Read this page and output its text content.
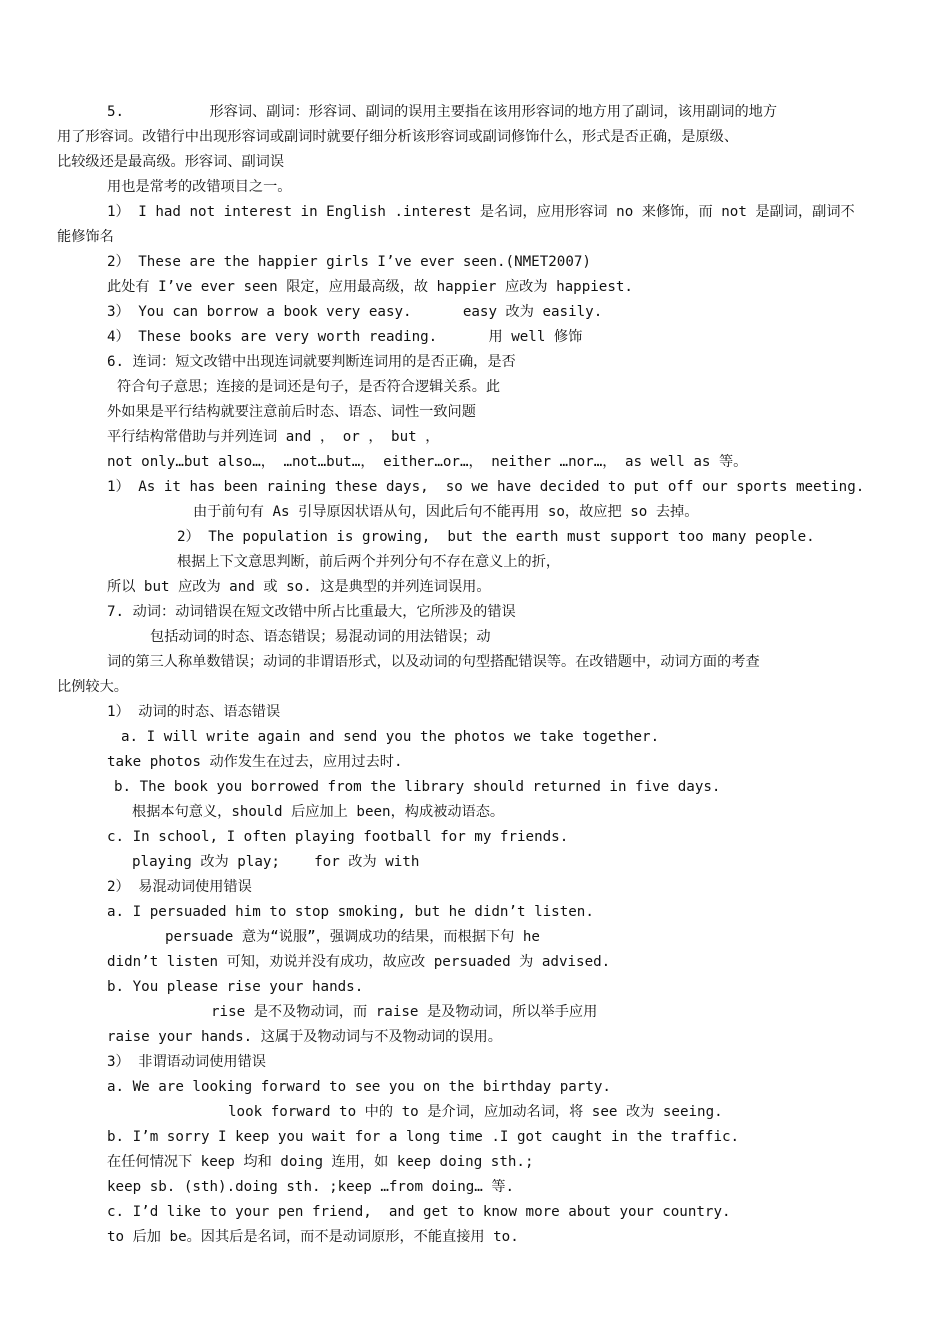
5.          形容词、副词：形容词、副词的误用主要指在该用形容词的地方用了副词，该用副词的地方
用了形容词。改错行中出现形容词或副词时就要仔细分析该形容词或副词修饰什么，形式是否正确，是原级、
比较级还是最高级。形容词、副词误
用也是常考的改错项目之一。
1） I had not interest in English .interest 是名词，应用形容词 no 来修饰，而 not 是副词，副词不
能修饰名
2） These are the happier girls I’ve ever seen.(NMET2007)
此处有 I’ve ever seen 限定，应用最高级，故 happier 应改为 happiest.
3） You can borrow a book very easy.      easy 改为 easily.
4） These books are very worth reading.      用 well 修饰
6. 连词：短文改错中出现连词就要判断连词用的是否正确，是否
符合句子意思；连接的是词还是句子，是否符合逻辑关系。此
外如果是平行结构就要注意前后时态、语态、词性一致问题
平行结构常借助与并列连词 and ， or ， but ，
not only…but also…， …not…but…， either…or…， neither …nor…， as well as 等。
1） As it has been raining these days,  so we have decided to put off our sports meeting.
由于前句有 As 引导原因状语从句，因此后句不能再用 so，故应把 so 去掉。
2） The population is growing,  but the earth must support too many people.
根据上下文意思判断，前后两个并列分句不存在意义上的折，
所以 but 应改为 and 或 so. 这是典型的并列连词误用。
7. 动词：动词错误在短文改错中所占比重最大，它所涉及的错误
包括动词的时态、语态错误；易混动词的用法错误；动
词的第三人称单数错误；动词的非谓语形式，以及动词的句型搭配错误等。在改错题中，动词方面的考查
比例较大。
1） 动词的时态、语态错误
a. I will write again and send you the photos we take together.
take photos 动作发生在过去，应用过去时.
b. The book you borrowed from the library should returned in five days.
根据本句意义，should 后应加上 been，构成被动语态。
c. In school, I often playing football for my friends.
playing 改为 play;    for 改为 with
2） 易混动词使用错误
a. I persuaded him to stop smoking, but he didn’t listen.
persuade 意为“说服”，强调成功的结果，而根据下句 he
didn’t listen 可知，劝说并没有成功，故应改 persuaded 为 advised.
b. You please rise your hands.
rise 是不及物动词，而 raise 是及物动词，所以举手应用
raise your hands. 这属于及物动词与不及物动词的误用。
3） 非谓语动词使用错误
a. We are looking forward to see you on the birthday party.
look forward to 中的 to 是介词，应加动名词，将 see 改为 seeing.
b. I’m sorry I keep you wait for a long time .I got caught in the traffic.
在任何情况下 keep 均和 doing 连用，如 keep doing sth.;
keep sb. (sth).doing sth. ;keep …from doing… 等.
c. I’d like to your pen friend,  and get to know more about your country.
to 后加 be。因其后是名词，而不是动词原形，不能直接用 to.
